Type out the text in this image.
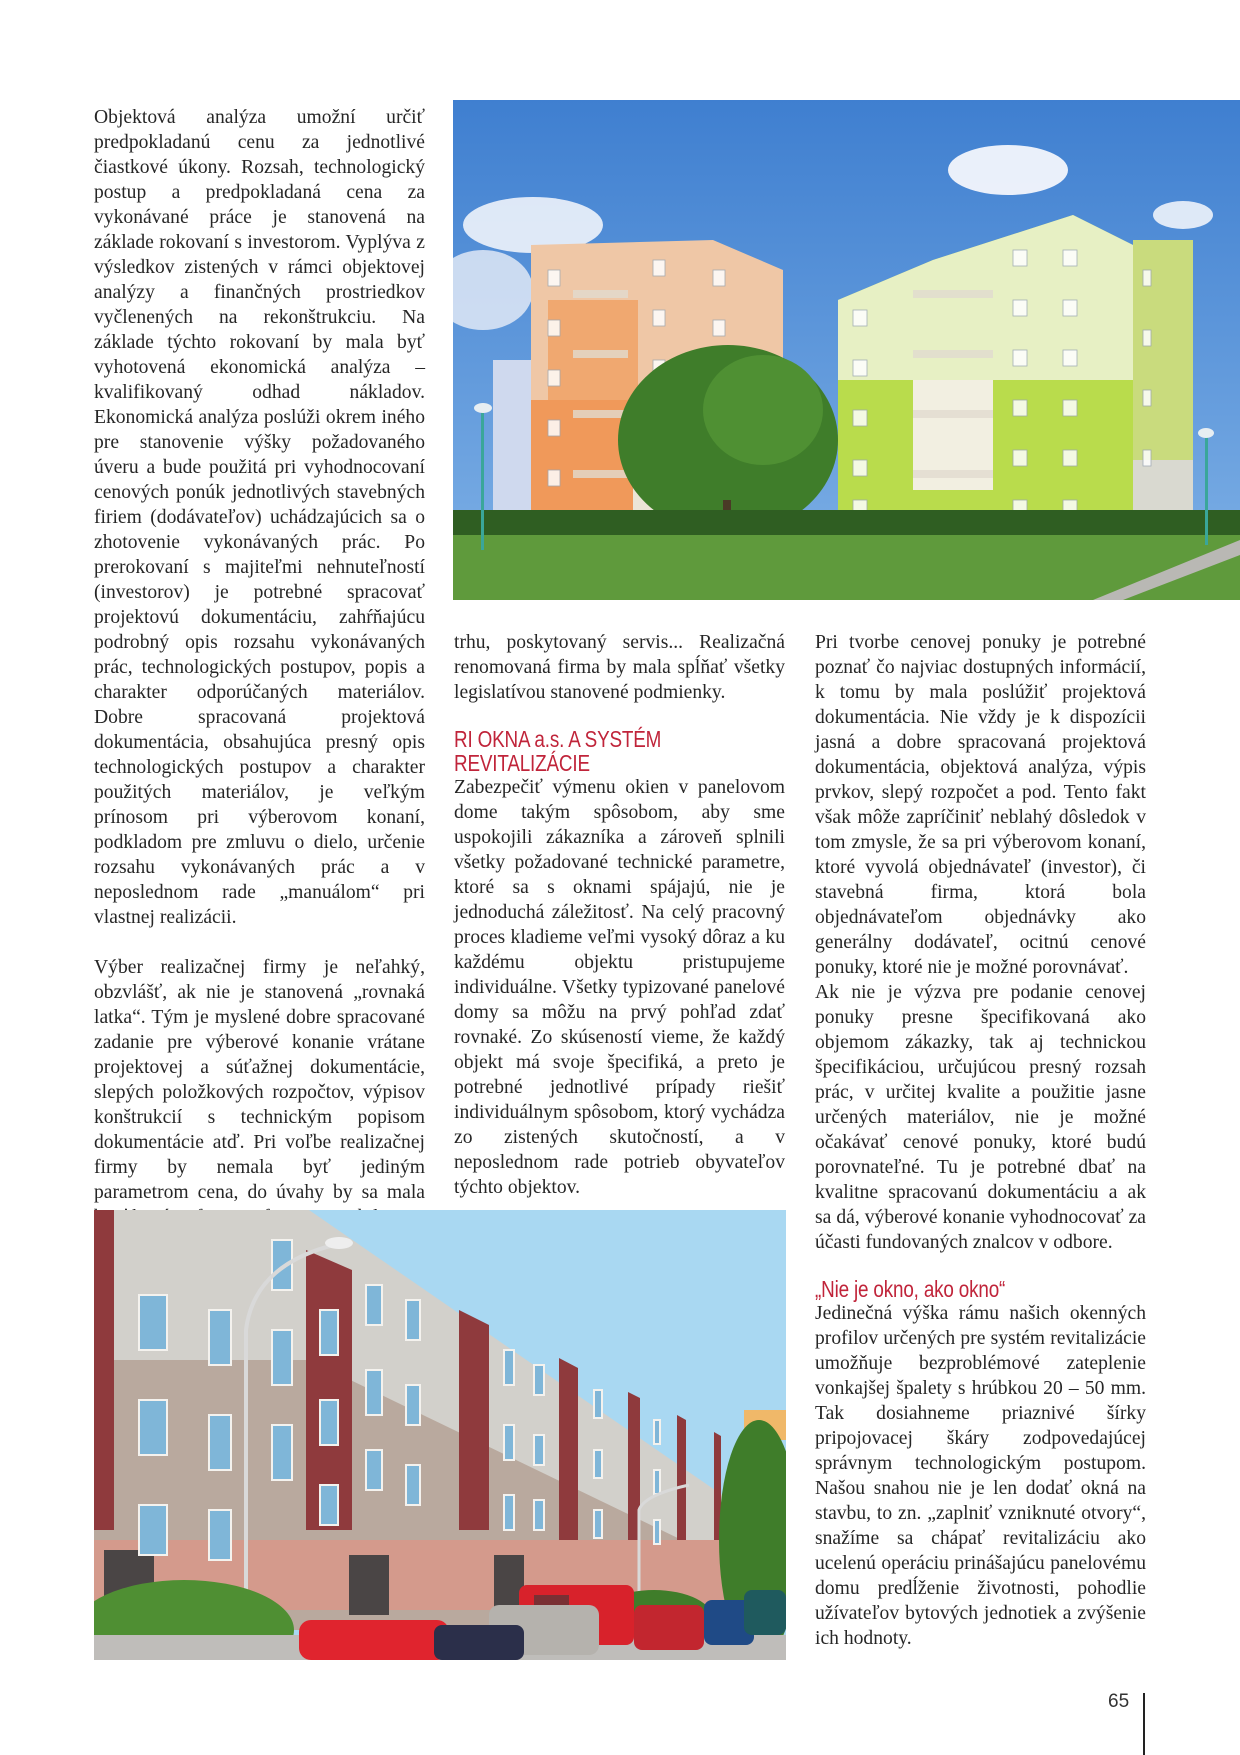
Objektová analýza umožní určiť predpokladanú cenu za jednotlivé čiastkové úkony. Rozsah, technologický postup a predpokladaná cena za vykonávané práce je stanovená na základe rokovaní s investorom. Vyplýva z výsledkov zistených v rámci objektovej analýzy a finančných prostriedkov vyčlenených na rekonštrukciu. Na základe týchto rokovaní by mala byť vyhotovená ekonomická analýza – kvalifikovaný odhad nákladov. Ekonomická analýza poslúži okrem iného pre stanovenie výšky požadovaného úveru a bude použitá pri vyhodnocovaní cenových ponúk jednotlivých stavebných firiem (dodávateľov) uchádzajúcich sa o zhotovenie vykonávaných prác. Po prerokovaní s majiteľmi nehnuteľností (investorov) je potrebné spracovať projektovú dokumentáciu, zahŕňajúcu podrobný opis rozsahu vykonávaných prác, technologických postupov, popis a charakter odporúčaných materiálov. Dobre spracovaná projektová dokumentácia, obsahujúca presný opis technologických postupov a charakter použitých materiálov, je veľkým prínosom pri výberovom konaní, podkladom pre zmluvu o dielo, určenie rozsahu vykonávaných prác a v neposlednom rade „manuálom“ pri vlastnej realizácii.

Výber realizačnej firmy je neľahký, obzvlášť, ak nie je stanovená „rovnaká latka“. Tým je myslené dobre spracované zadanie pre výberové konanie vrátane projektovej a súťažnej dokumentácie, slepých položkových rozpočtov, výpisov konštrukcií s technickým popisom dokumentácie atď. Pri voľbe realizačnej firmy by nemala byť jediným parametrom cena, do úvahy by sa mala

trhu, poskytovaný servis... Realizačná renomovaná firma by mala spĺňať všetky legislatívou stanovené podmienky.

RI OKNA a.s. A SYSTÉM

REVITALIZÁCIE

Zabezpečiť výmenu okien v panelovom dome takým spôsobom, aby sme uspokojili zákazníka a zároveň splnili všetky požadované technické parametre, ktoré sa s oknami spájajú, nie je jednoduchá záležitosť. Na celý pracovný proces kladieme veľmi vysoký dôraz a ku každému objektu pristupujeme individuálne. Všetky typizované panelové domy sa môžu na prvý pohľad zdať rovnaké. Zo skúseností vieme, že každý objekt má svoje špecifiká, a preto je potrebné jednotlivé prípady riešiť individuálnym spôsobom, ktorý vychádza zo zistených skutočností, a v neposlednom rade potrieb obyvateľov týchto objektov.

Pri tvorbe cenovej ponuky je potrebné poznať čo najviac dostupných informácií, k tomu by mala poslúžiť projektová dokumentácia. Nie vždy je k dispozícii jasná a dobre spracovaná projektová dokumentácia, objektová analýza, výpis prvkov, slepý rozpočet a pod. Tento fakt však môže zapríčiniť neblahý dôsledok v tom zmysle, že sa pri výberovom konaní, ktoré vyvolá objednávateľ (investor), či stavebná firma, ktorá bola objednávateľom objednávky ako generálny dodávateľ, ocitnú cenové ponuky, ktoré nie je možné porovnávať.

Ak nie je výzva pre podanie cenovej ponuky presne špecifikovaná ako objemom zákazky, tak aj technickou špecifikáciou, určujúcou presný rozsah prác, v určitej kvalite a použitie jasne určených materiálov, nie je možné očakávať cenové ponuky, ktoré budú porovnateľné. Tu je potrebné dbať na kvalitne spracovanú dokumentáciu a ak sa dá, výberové konanie vyhodnocovať za účasti fundovaných znalcov v odbore.

„Nie je okno, ako okno“

Jedinečná výška rámu našich okenných profilov určených pre systém revitalizácie umožňuje bezproblémové zateplenie vonkajšej špalety s hrúbkou 20 – 50 mm. Tak dosiahneme priaznivé šírky pripojovacej škáry zodpovedajúcej správnym technologickým postupom. Našou snahou nie je len dodať okná na stavbu, to zn. „zaplniť vzniknuté otvory“, snažíme sa chápať revitalizáciu ako ucelenú operáciu prinášajúcu panelovému domu predĺženie životnosti, pohodlie užívateľov bytových jednotiek a zvýšenie ich hodnoty.

65
